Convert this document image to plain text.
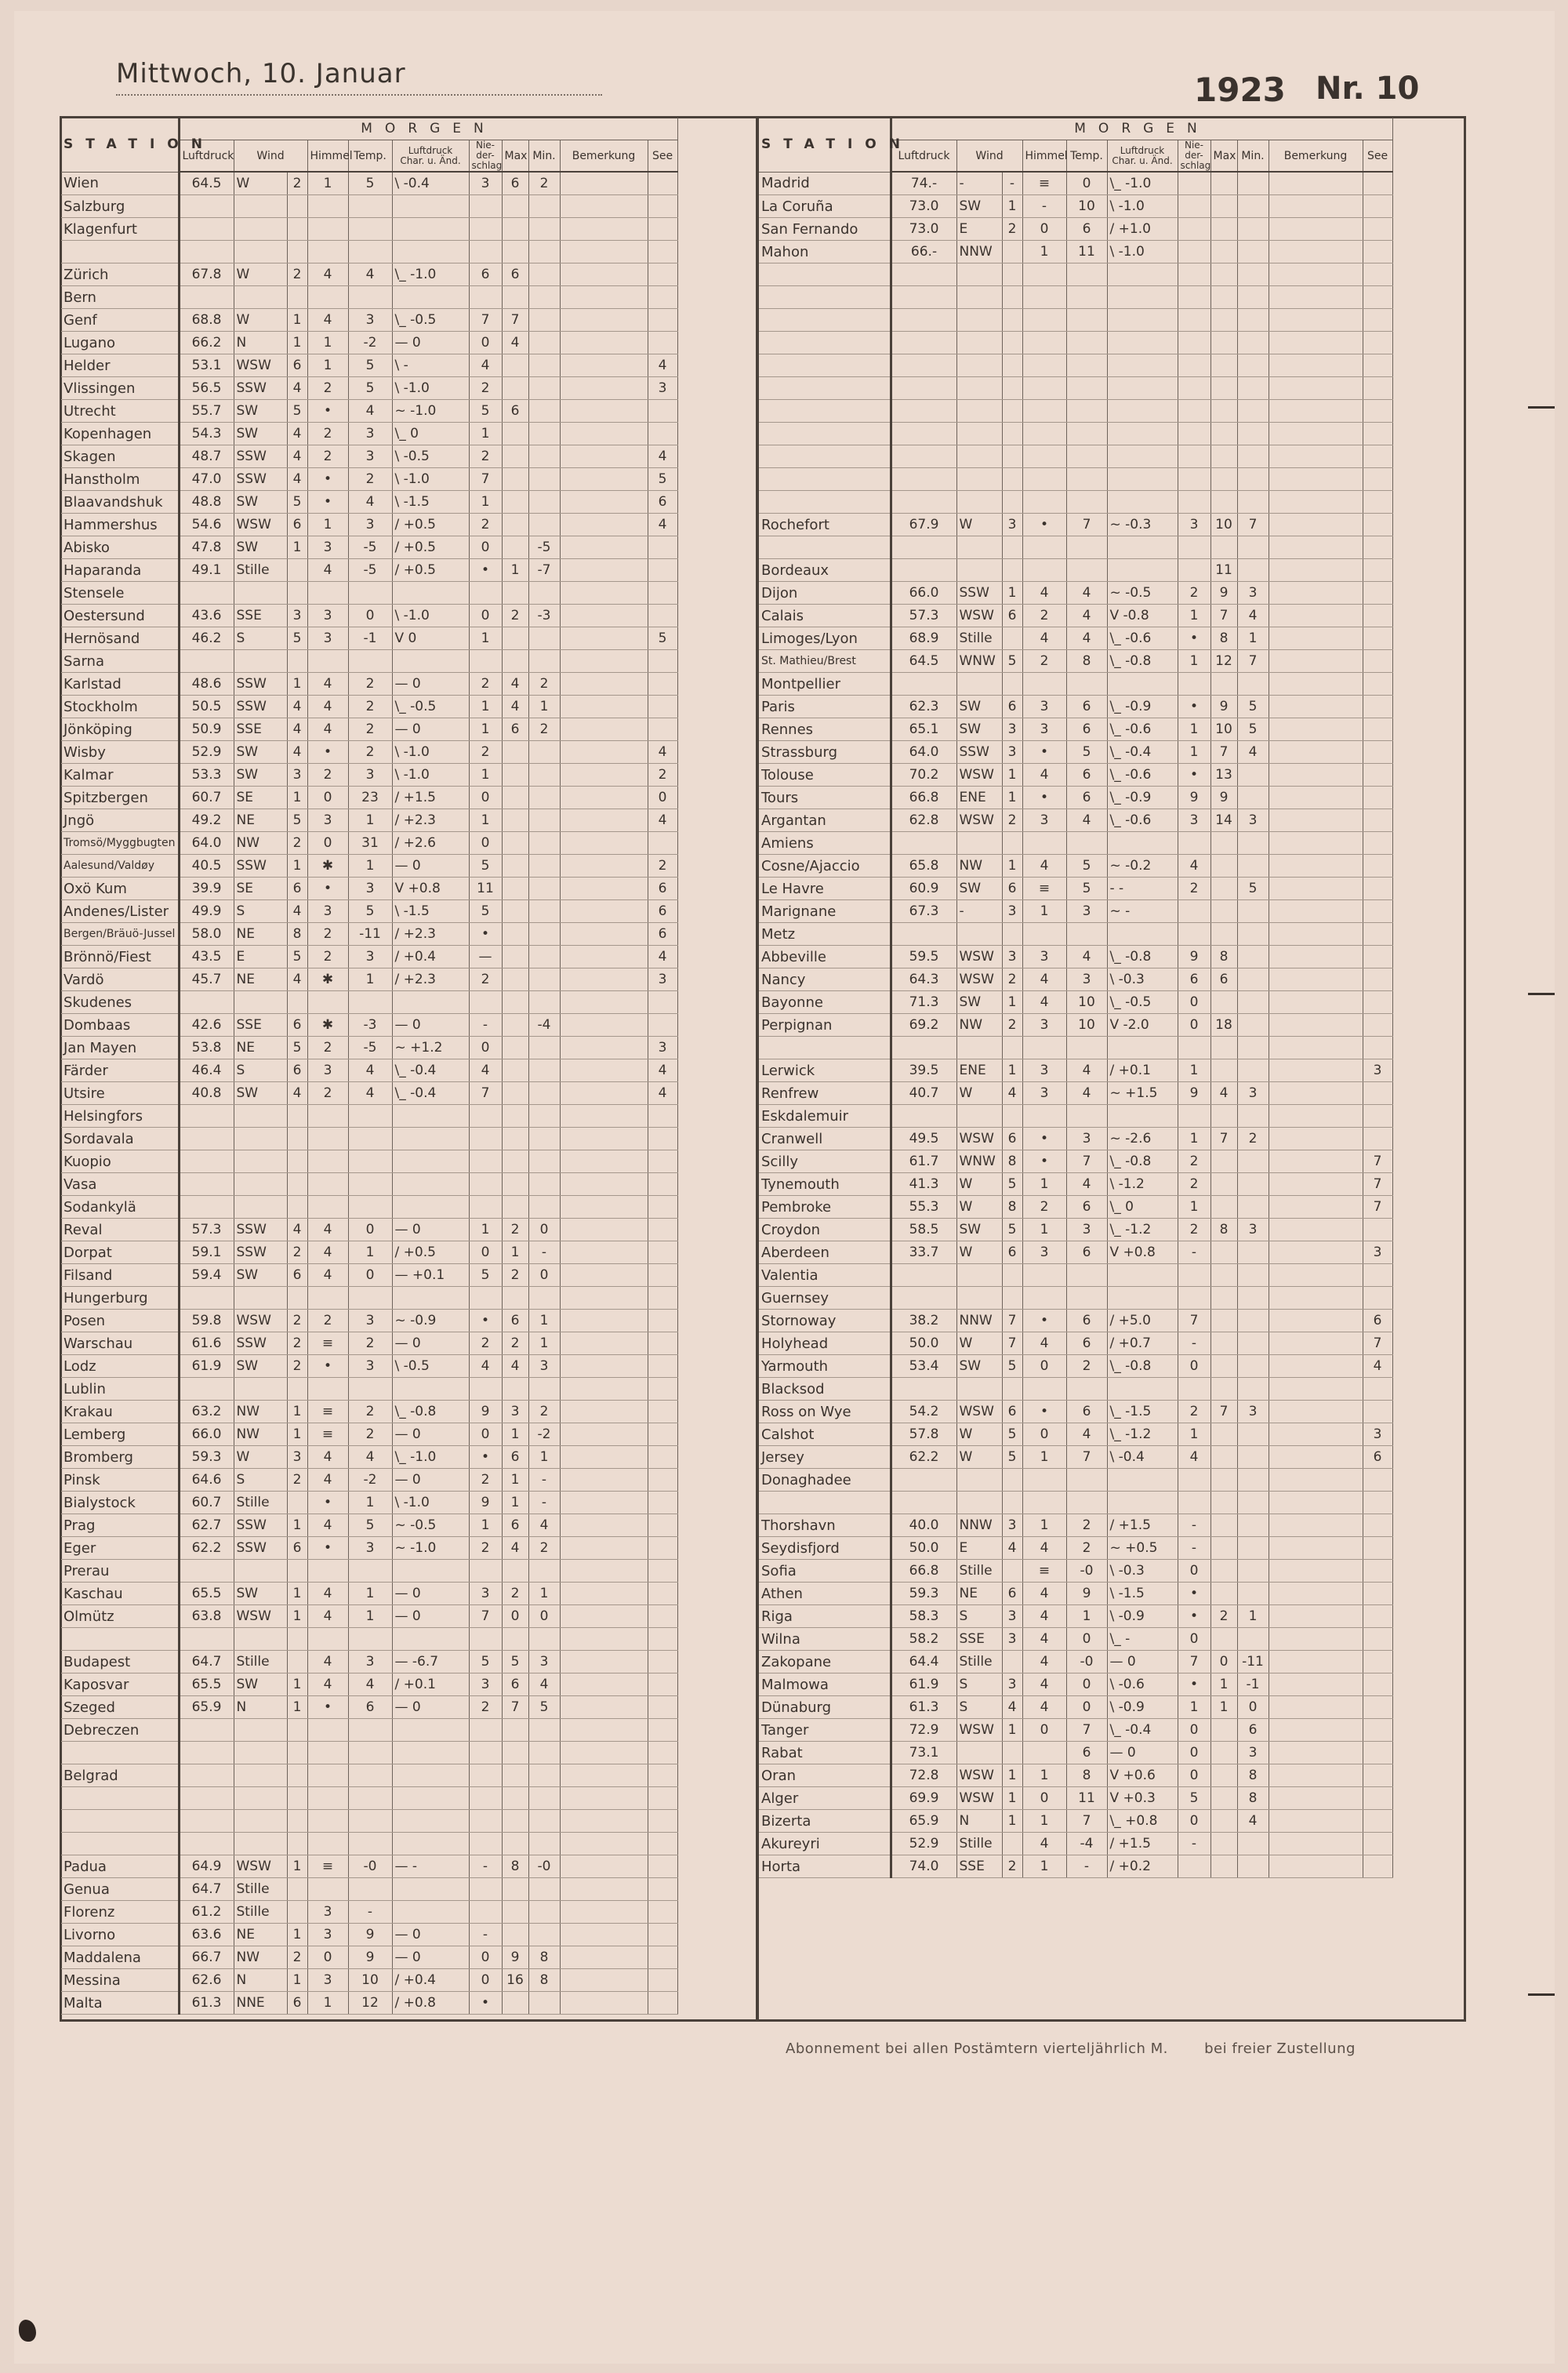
Mittwoch, 10. Januar	1923 Nr. 10
STATION	MORGEN										
	Luftdruck	Wind		Himmel	Temp.	Luftdruck Char. u. Änd.	Nie-der-schlag	Max	Min.	Bemerkung	See
Wien	64.5	W	2	1	5	\ -0.4	3	6	2		
Salzburg											
Klagenfurt											

Zürich	67.8	W	2	4	4	\_ -1.0	6	6			
Bern											
Genf	68.8	W	1	4	3	\_ -0.5	7	7			
Lugano	66.2	N	1	1	-2	— 0	0	4			
Helder	53.1	WSW	6	1	5	\ -	4				4
Vlissingen	56.5	SSW	4	2	5	\ -1.0	2				3
Utrecht	55.7	SW	5	•	4	~ -1.0	5	6			
Kopenhagen	54.3	SW	4	2	3	\_ 0	1				
Skagen	48.7	SSW	4	2	3	\ -0.5	2				4
Hanstholm	47.0	SSW	4	•	2	\ -1.0	7				5
Blaavandshuk	48.8	SW	5	•	4	\ -1.5	1				6
Hammershus	54.6	WSW	6	1	3	/ +0.5	2				4
Abisko	47.8	SW	1	3	-5	/ +0.5	0		-5		
Haparanda	49.1	Stille		4	-5	/ +0.5	•	1	-7		
Stensele											
Oestersund	43.6	SSE	3	3	0	\ -1.0	0	2	-3		
Hernösand	46.2	S	5	3	-1	V 0	1				5
Sarna											
Karlstad	48.6	SSW	1	4	2	— 0	2	4	2		
Stockholm	50.5	SSW	4	4	2	\_ -0.5	1	4	1		
Jönköping	50.9	SSE	4	4	2	— 0	1	6	2		
Wisby	52.9	SW	4	•	2	\ -1.0	2				4
Kalmar	53.3	SW	3	2	3	\ -1.0	1				2
Spitzbergen	60.7	SE	1	0	23	/ +1.5	0				0
Jngö	49.2	NE	5	3	1	/ +2.3	1				4
Tromsö/Myggbugten	64.0	NW	2	0	31	/ +2.6	0				
Aalesund/Valdøy	40.5	SSW	1	✱	1	— 0	5				2
Oxö Kum	39.9	SE	6	•	3	V +0.8	11				6
Andenes/Lister	49.9	S	4	3	5	\ -1.5	5				6
Bergen/Bräuö-Jussel	58.0	NE	8	2	-11	/ +2.3	•				6
Brönnö/Fiest	43.5	E	5	2	3	/ +0.4	—				4
Vardö	45.7	NE	4	✱	1	/ +2.3	2				3
Skudenes											
Dombaas	42.6	SSE	6	✱	-3	— 0	-		-4		
Jan Mayen	53.8	NE	5	2	-5	~ +1.2	0				3
Färder	46.4	S	6	3	4	\_ -0.4	4				4
Utsire	40.8	SW	4	2	4	\_ -0.4	7				4
Helsingfors											
Sordavala											
Kuopio											
Vasa											
Sodankylä											
Reval	57.3	SSW	4	4	0	— 0	1	2	0		
Dorpat	59.1	SSW	2	4	1	/ +0.5	0	1	-		
Filsand	59.4	SW	6	4	0	— +0.1	5	2	0		
Hungerburg											
Posen	59.8	WSW	2	2	3	~ -0.9	•	6	1		
Warschau	61.6	SSW	2	≡	2	— 0	2	2	1		
Lodz	61.9	SW	2	•	3	\ -0.5	4	4	3		
Lublin											
Krakau	63.2	NW	1	≡	2	\_ -0.8	9	3	2		
Lemberg	66.0	NW	1	≡	2	— 0	0	1	-2		
Bromberg	59.3	W	3	4	4	\_ -1.0	•	6	1		
Pinsk	64.6	S	2	4	-2	— 0	2	1	-		
Bialystock	60.7	Stille		•	1	\ -1.0	9	1	-		
Prag	62.7	SSW	1	4	5	~ -0.5	1	6	4		
Eger	62.2	SSW	6	•	3	~ -1.0	2	4	2		
Prerau											
Kaschau	65.5	SW	1	4	1	— 0	3	2	1		
Olmütz	63.8	WSW	1	4	1	— 0	7	0	0		

Budapest	64.7	Stille		4	3	— -6.7	5	5	3		
Kaposvar	65.5	SW	1	4	4	/ +0.1	3	6	4		
Szeged	65.9	N	1	•	6	— 0	2	7	5		
Debreczen											

Belgrad											

Padua	64.9	WSW	1	≡	-0	— -	-	8	-0		
Genua	64.7	Stille									
Florenz	61.2	Stille		3	-						
Livorno	63.6	NE	1	3	9	— 0	-				
Maddalena	66.7	NW	2	0	9	— 0	0	9	8		
Messina	62.6	N	1	3	10	/ +0.4	0	16	8		
Malta	61.3	NNE	6	1	12	/ +0.8	•				
STATION	MORGEN										
	Luftdruck	Wind		Himmel	Temp.	Luftdruck Char. u. Änd.	Nie-der-schlag	Max	Min.	Bemerkung	See
Madrid	74.-	-	-	≡	0	\_ -1.0					
La Coruña	73.0	SW	1	-	10	\ -1.0					
San Fernando	73.0	E	2	0	6	/ +1.0					
Mahon	66.-	NNW		1	11	\ -1.0					

Rochefort	67.9	W	3	•	7	~ -0.3	3	10	7		

Bordeaux								11			
Dijon	66.0	SSW	1	4	4	~ -0.5	2	9	3		
Calais	57.3	WSW	6	2	4	V -0.8	1	7	4		
Limoges/Lyon	68.9	Stille		4	4	\_ -0.6	•	8	1		
St. Mathieu/Brest	64.5	WNW	5	2	8	\_ -0.8	1	12	7		
Montpellier											
Paris	62.3	SW	6	3	6	\_ -0.9	•	9	5		
Rennes	65.1	SW	3	3	6	\_ -0.6	1	10	5		
Strassburg	64.0	SSW	3	•	5	\_ -0.4	1	7	4		
Tolouse	70.2	WSW	1	4	6	\_ -0.6	•	13			
Tours	66.8	ENE	1	•	6	\_ -0.9	9	9			
Argantan	62.8	WSW	2	3	4	\_ -0.6	3	14	3		
Amiens											
Cosne/Ajaccio	65.8	NW	1	4	5	~ -0.2	4				
Le Havre	60.9	SW	6	≡	5	- -	2		5		
Marignane	67.3	-	3	1	3	~ -					
Metz											
Abbeville	59.5	WSW	3	3	4	\_ -0.8	9	8			
Nancy	64.3	WSW	2	4	3	\ -0.3	6	6			
Bayonne	71.3	SW	1	4	10	\_ -0.5	0				
Perpignan	69.2	NW	2	3	10	V -2.0	0	18			

Lerwick	39.5	ENE	1	3	4	/ +0.1	1				3
Renfrew	40.7	W	4	3	4	~ +1.5	9	4	3		
Eskdalemuir											
Cranwell	49.5	WSW	6	•	3	~ -2.6	1	7	2		
Scilly	61.7	WNW	8	•	7	\_ -0.8	2				7
Tynemouth	41.3	W	5	1	4	\ -1.2	2				7
Pembroke	55.3	W	8	2	6	\_ 0	1				7
Croydon	58.5	SW	5	1	3	\_ -1.2	2	8	3		
Aberdeen	33.7	W	6	3	6	V +0.8	-				3
Valentia											
Guernsey											
Stornoway	38.2	NNW	7	•	6	/ +5.0	7				6
Holyhead	50.0	W	7	4	6	/ +0.7	-				7
Yarmouth	53.4	SW	5	0	2	\_ -0.8	0				4
Blacksod											
Ross on Wye	54.2	WSW	6	•	6	\_ -1.5	2	7	3		
Calshot	57.8	W	5	0	4	\_ -1.2	1				3
Jersey	62.2	W	5	1	7	\ -0.4	4				6
Donaghadee											

Thorshavn	40.0	NNW	3	1	2	/ +1.5	-				
Seydisfjord	50.0	E	4	4	2	~ +0.5	-				
Sofia	66.8	Stille		≡	-0	\ -0.3	0				
Athen	59.3	NE	6	4	9	\ -1.5	•				
Riga	58.3	S	3	4	1	\ -0.9	•	2	1		
Wilna	58.2	SSE	3	4	0	\_ -	0				
Zakopane	64.4	Stille		4	-0	— 0	7	0	-11		
Malmowa	61.9	S	3	4	0	\ -0.6	•	1	-1		
Dünaburg	61.3	S	4	4	0	\ -0.9	1	1	0		
Tanger	72.9	WSW	1	0	7	\_ -0.4	0		6		
Rabat	73.1				6	— 0	0		3		
Oran	72.8	WSW	1	1	8	V +0.6	0		8		
Alger	69.9	WSW	1	0	11	V +0.3	5		8		
Bizerta	65.9	N	1	1	7	\_ +0.8	0		4		
Akureyri	52.9	Stille		4	-4	/ +1.5	-				
Horta	74.0	SSE	2	1	-	/ +0.2					
Abonnement bei allen Postämtern vierteljährlich M.	bei freier Zustellung
